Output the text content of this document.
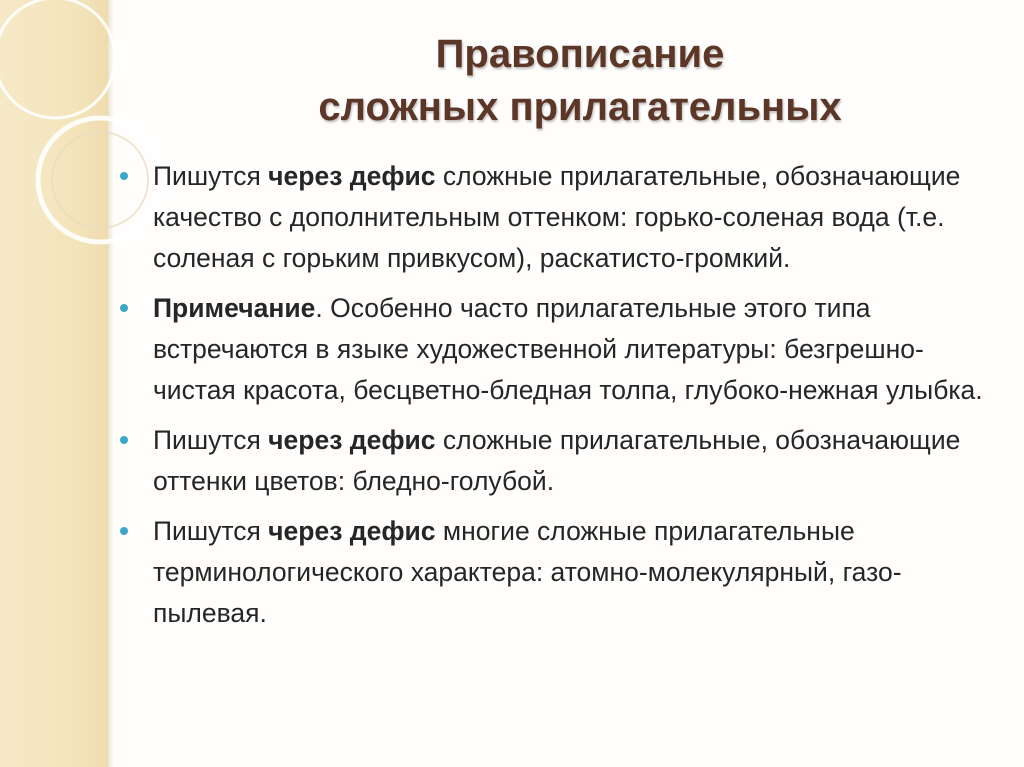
Правописание
сложных прилагательных
Пишутся через дефис сложные прилагательные, обозначающие качество с дополнительным оттенком: горько-соленая вода (т.е. соленая с горьким привкусом), раскатисто-громкий.
Примечание. Особенно часто прилагательные этого типа встречаются в языке художественной литературы: безгрешно-чистая красота, бесцветно-бледная толпа, глубоко-нежная улыбка.
Пишутся через дефис сложные прилагательные, обозначающие оттенки цветов: бледно-голубой.
Пишутся через дефис многие сложные прилагательные терминологического характера: атомно-молекулярный, газо-пылевая.
